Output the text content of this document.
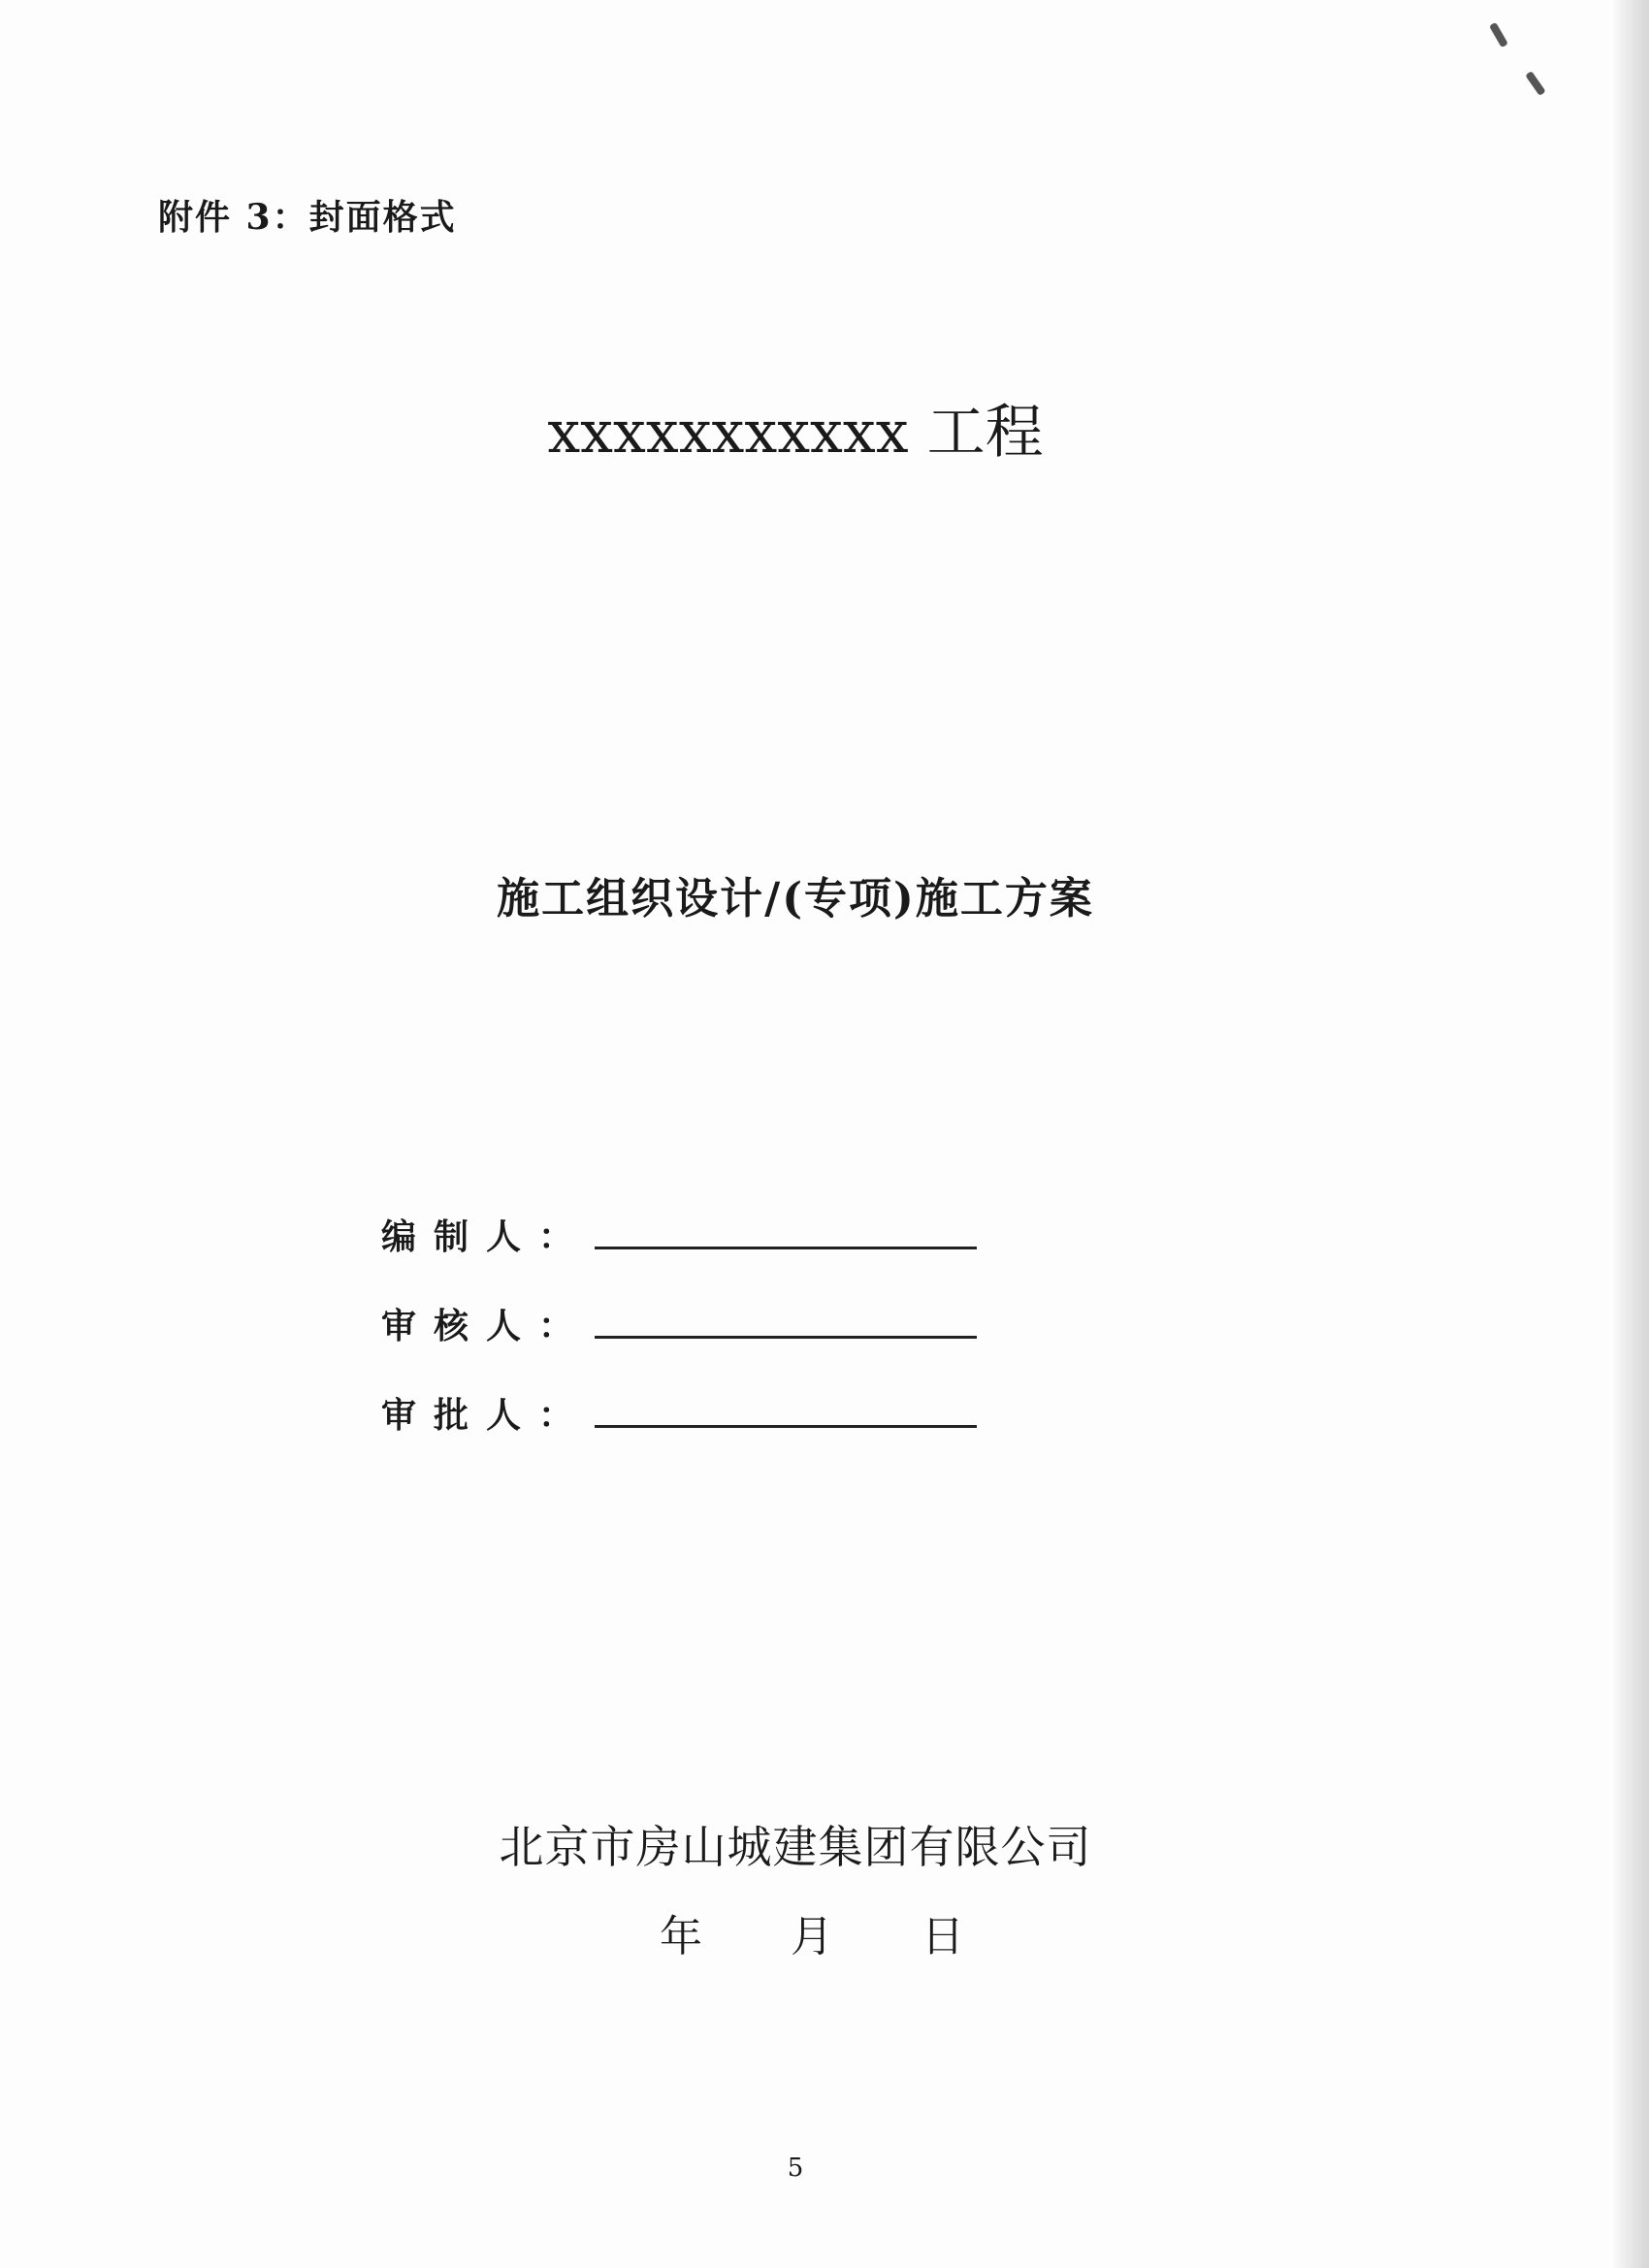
附件 3：封面格式
xxxxxxxxxxx 工程
施工组织设计/(专项)施工方案
编制人：
审核人：
审批人：
北京市房山城建集团有限公司
年 月 日
5
